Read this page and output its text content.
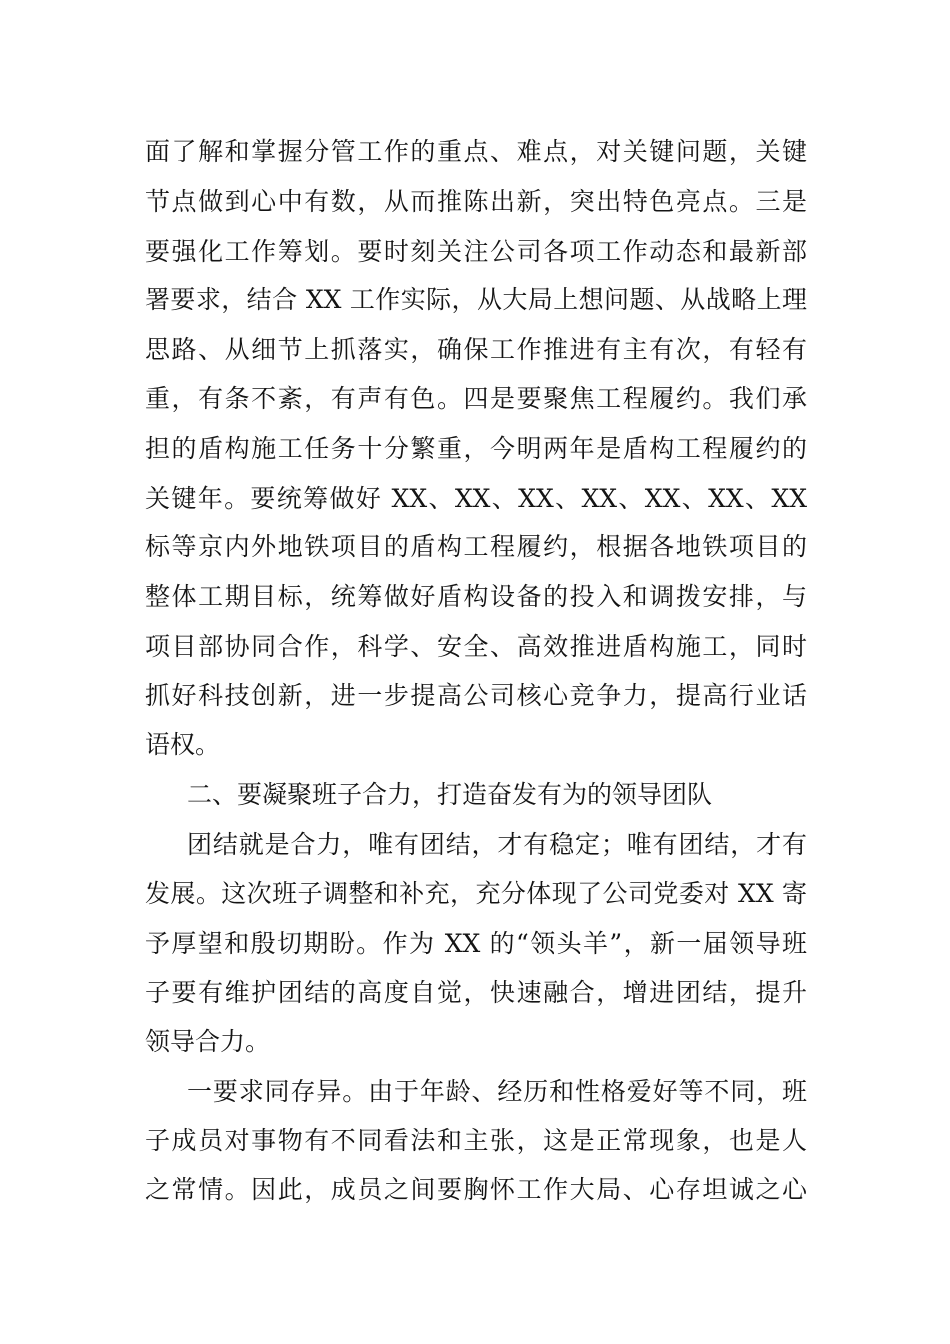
面了解和掌握分管工作的重点、难点，对关键问题，关键
节点做到心中有数，从而推陈出新，突出特色亮点。三是
要强化工作筹划。要时刻关注公司各项工作动态和最新部
署要求，结合 XX 工作实际，从大局上想问题、从战略上理
思路、从细节上抓落实，确保工作推进有主有次，有轻有
重，有条不紊，有声有色。四是要聚焦工程履约。我们承
担的盾构施工任务十分繁重，今明两年是盾构工程履约的
关键年。要统筹做好 XX、XX、XX、XX、XX、XX、XX
标等京内外地铁项目的盾构工程履约，根据各地铁项目的
整体工期目标，统筹做好盾构设备的投入和调拨安排，与
项目部协同合作，科学、安全、高效推进盾构施工，同时
抓好科技创新，进一步提高公司核心竞争力，提高行业话
语权。
二、要凝聚班子合力，打造奋发有为的领导团队
团结就是合力，唯有团结，才有稳定；唯有团结，才有
发展。这次班子调整和补充，充分体现了公司党委对 XX 寄
予厚望和殷切期盼。作为 XX 的“领头羊”，新一届领导班
子要有维护团结的高度自觉，快速融合，增进团结，提升
领导合力。
一要求同存异。由于年龄、经历和性格爱好等不同，班
子成员对事物有不同看法和主张，这是正常现象，也是人
之常情。因此，成员之间要胸怀工作大局、心存坦诚之心
